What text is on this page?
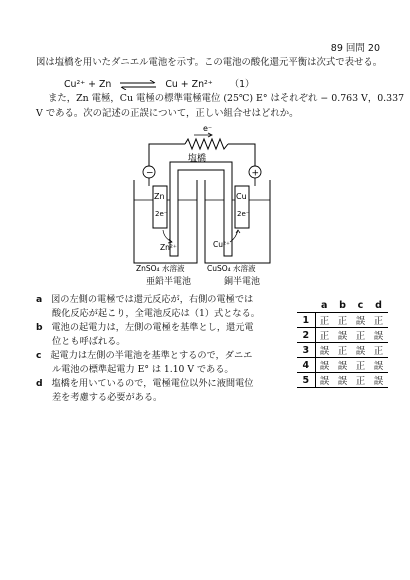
89 回問 20
図は塩橋を用いたダニエル電池を示す。この電池の酸化還元平衡は次式で表せる。
Cu²⁺ + Zn	Cu + Zn²⁺ （1）
また，Zn 電極，Cu 電極の標準電極電位 (25℃) E° はそれぞれ − 0.763 V，0.337
V である。次の記述の正誤について，正しい組合せはどれか。
e⁻
−	+
塩橋
Zn	Cu
2e⁻	2e⁻
Zn²⁺	Cu²⁺
ZnSO₄ 水溶液	CuSO₄ 水溶液
亜鉛半電池	銅半電池
a 図の左側の電極では還元反応が，右側の電極では
酸化反応が起こり，全電池反応は（1）式となる。
b 電池の起電力は，左側の電極を基準とし，還元電
位とも呼ばれる。
c 起電力は左側の半電池を基準とするので，ダニエ
ル電池の標準起電力 E° は 1.10 V である。
d 塩橋を用いているので，電極電位以外に液間電位
差を考慮する必要がある。
	a	b	c	d
1	正	正	誤	正
2	正	誤	正	誤
3	誤	正	誤	正
4	誤	誤	正	誤
5	誤	誤	正	誤
